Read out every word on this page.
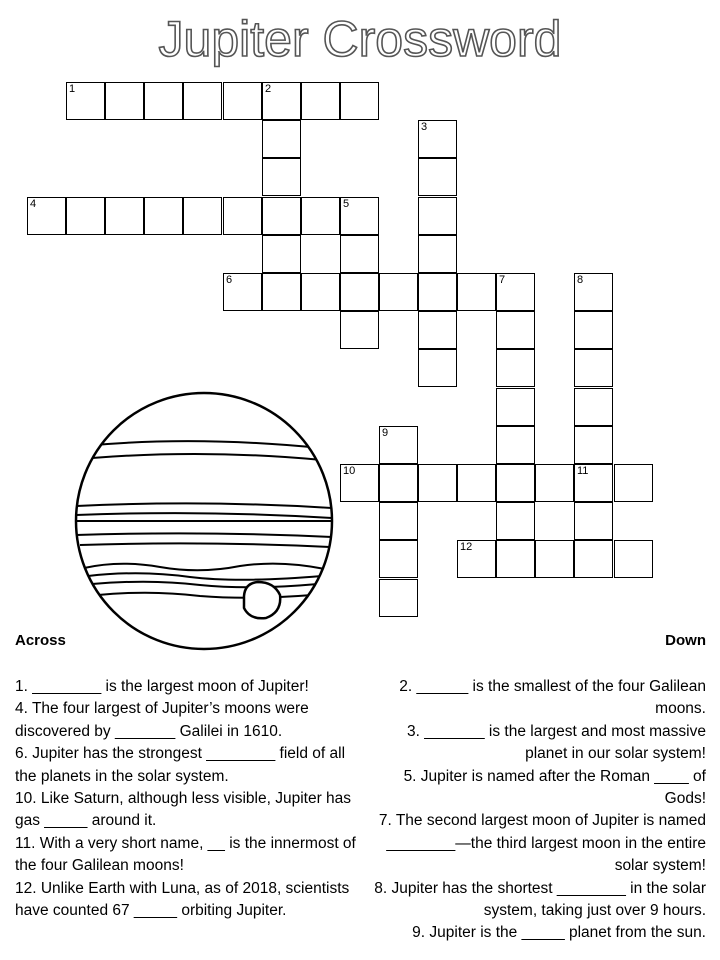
Jupiter Crossword
1	2
3
4	5
6	7	8
11
9
10
12
Across	Down

1. ________ is the largest moon of Jupiter!

4. The four largest of Jupiter’s moons were discovered by _______ Galilei in 1610.

6. Jupiter has the strongest ________ field of all the planets in the solar system.

10. Like Saturn, although less visible, Jupiter has gas _____ around it.

11. With a very short name, __ is the innermost of the four Galilean moons!

12. Unlike Earth with Luna, as of 2018, scientists have counted 67 _____ orbiting Jupiter.

2. ______ is the smallest of the four Galilean moons.

3. _______ is the largest and most massive planet in our solar system!

5. Jupiter is named after the Roman ____ of Gods!

7. The second largest moon of Jupiter is named ________—the third largest moon in the entire solar system!

8. Jupiter has the shortest ________ in the solar system, taking just over 9 hours.

9. Jupiter is the _____ planet from the sun.
